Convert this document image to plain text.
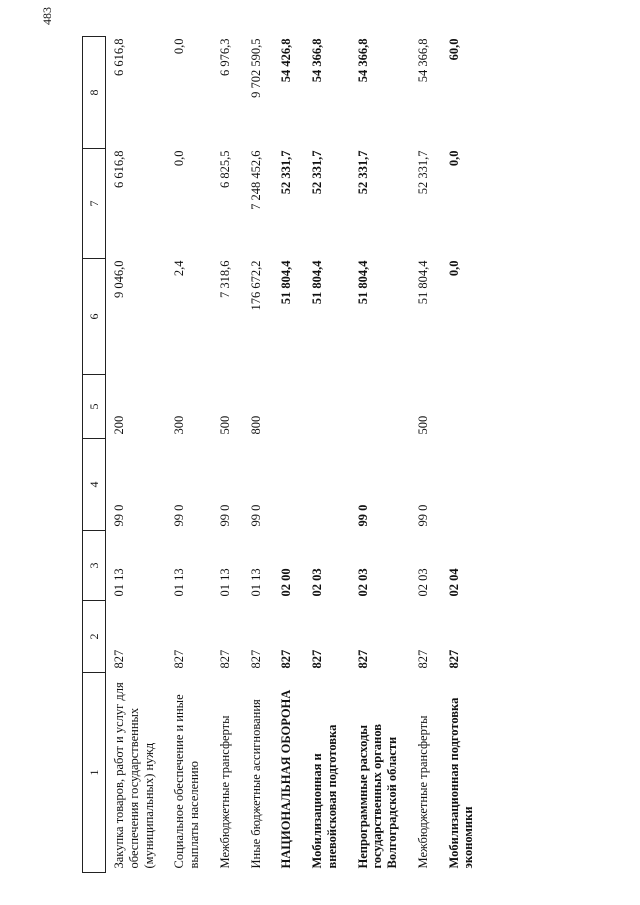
483
1	2	3	4	5	6	7	8
Закупка товаров, работ и услуг для обеспечения государственных (муниципальных) нужд	827	01 13	99 0	200	9 046,0	6 616,8	6 616,8
Социальное обеспечение и иные выплаты населению	827	01 13	99 0	300	2,4	0,0	0,0
Межбюджетные трансферты	827	01 13	99 0	500	7 318,6	6 825,5	6 976,3
Иные бюджетные ассигнования	827	01 13	99 0	800	176 672,2	7 248 452,6	9 702 590,5
НАЦИОНАЛЬНАЯ ОБОРОНА	827	02 00			51 804,4	52 331,7	54 426,8
Мобилизационная и вневойсковая подготовка	827	02 03			51 804,4	52 331,7	54 366,8
Непрограммные расходы государственных органов Волгоградской области	827	02 03	99 0		51 804,4	52 331,7	54 366,8
Межбюджетные трансферты	827	02 03	99 0	500	51 804,4	52 331,7	54 366,8
Мобилизационная подготовка экономики	827	02 04			0,0	0,0	60,0
